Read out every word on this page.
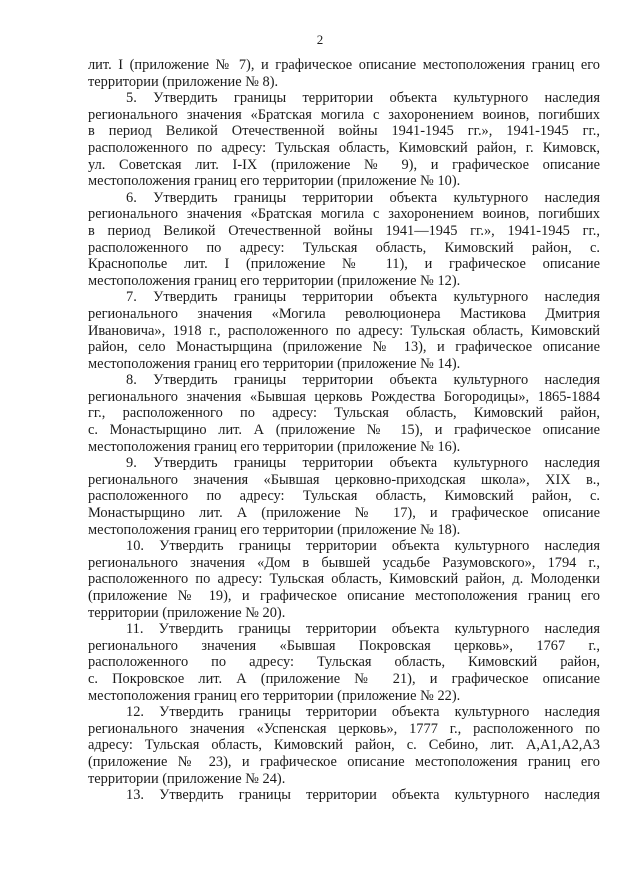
2
лит. I (приложение № 7), и графическое описание местоположения границ его
территории (приложение № 8).
5. Утвердить границы территории объекта культурного наследия
регионального значения «Братская могила с захоронением воинов, погибших
в период Великой Отечественной войны 1941-1945 гг.», 1941-1945 гг.,
расположенного по адресу: Тульская область, Кимовский район, г. Кимовск,
ул. Советская лит. I-IX (приложение № 9), и графическое описание
местоположения границ его территории (приложение № 10).
6. Утвердить границы территории объекта культурного наследия
регионального значения «Братская могила с захоронением воинов, погибших
в период Великой Отечественной войны 1941—1945 гг.», 1941-1945 гг.,
расположенного по адресу: Тульская область, Кимовский район, с.
Краснополье лит. I (приложение № 11), и графическое описание
местоположения границ его территории (приложение № 12).
7. Утвердить границы территории объекта культурного наследия
регионального значения «Могила революционера Мастикова Дмитрия
Ивановича», 1918 г., расположенного по адресу: Тульская область, Кимовский
район, село Монастырщина (приложение № 13), и графическое описание
местоположения границ его территории (приложение № 14).
8. Утвердить границы территории объекта культурного наследия
регионального значения «Бывшая церковь Рождества Богородицы», 1865-1884
гг., расположенного по адресу: Тульская область, Кимовский район,
с. Монастырщино лит. А (приложение № 15), и графическое описание
местоположения границ его территории (приложение № 16).
9. Утвердить границы территории объекта культурного наследия
регионального значения «Бывшая церковно-приходская школа», XIX в.,
расположенного по адресу: Тульская область, Кимовский район, с.
Монастырщино лит. А (приложение № 17), и графическое описание
местоположения границ его территории (приложение № 18).
10. Утвердить границы территории объекта культурного наследия
регионального значения «Дом в бывшей усадьбе Разумовского», 1794 г.,
расположенного по адресу: Тульская область, Кимовский район, д. Молоденки
(приложение № 19), и графическое описание местоположения границ его
территории (приложение № 20).
11. Утвердить границы территории объекта культурного наследия
регионального значения «Бывшая Покровская церковь», 1767 г.,
расположенного по адресу: Тульская область, Кимовский район,
с. Покровское лит. А (приложение № 21), и графическое описание
местоположения границ его территории (приложение № 22).
12. Утвердить границы территории объекта культурного наследия
регионального значения «Успенская церковь», 1777 г., расположенного по
адресу: Тульская область, Кимовский район, с. Себино, лит. А,А1,А2,А3
(приложение № 23), и графическое описание местоположения границ его
территории (приложение № 24).
13. Утвердить границы территории объекта культурного наследия
